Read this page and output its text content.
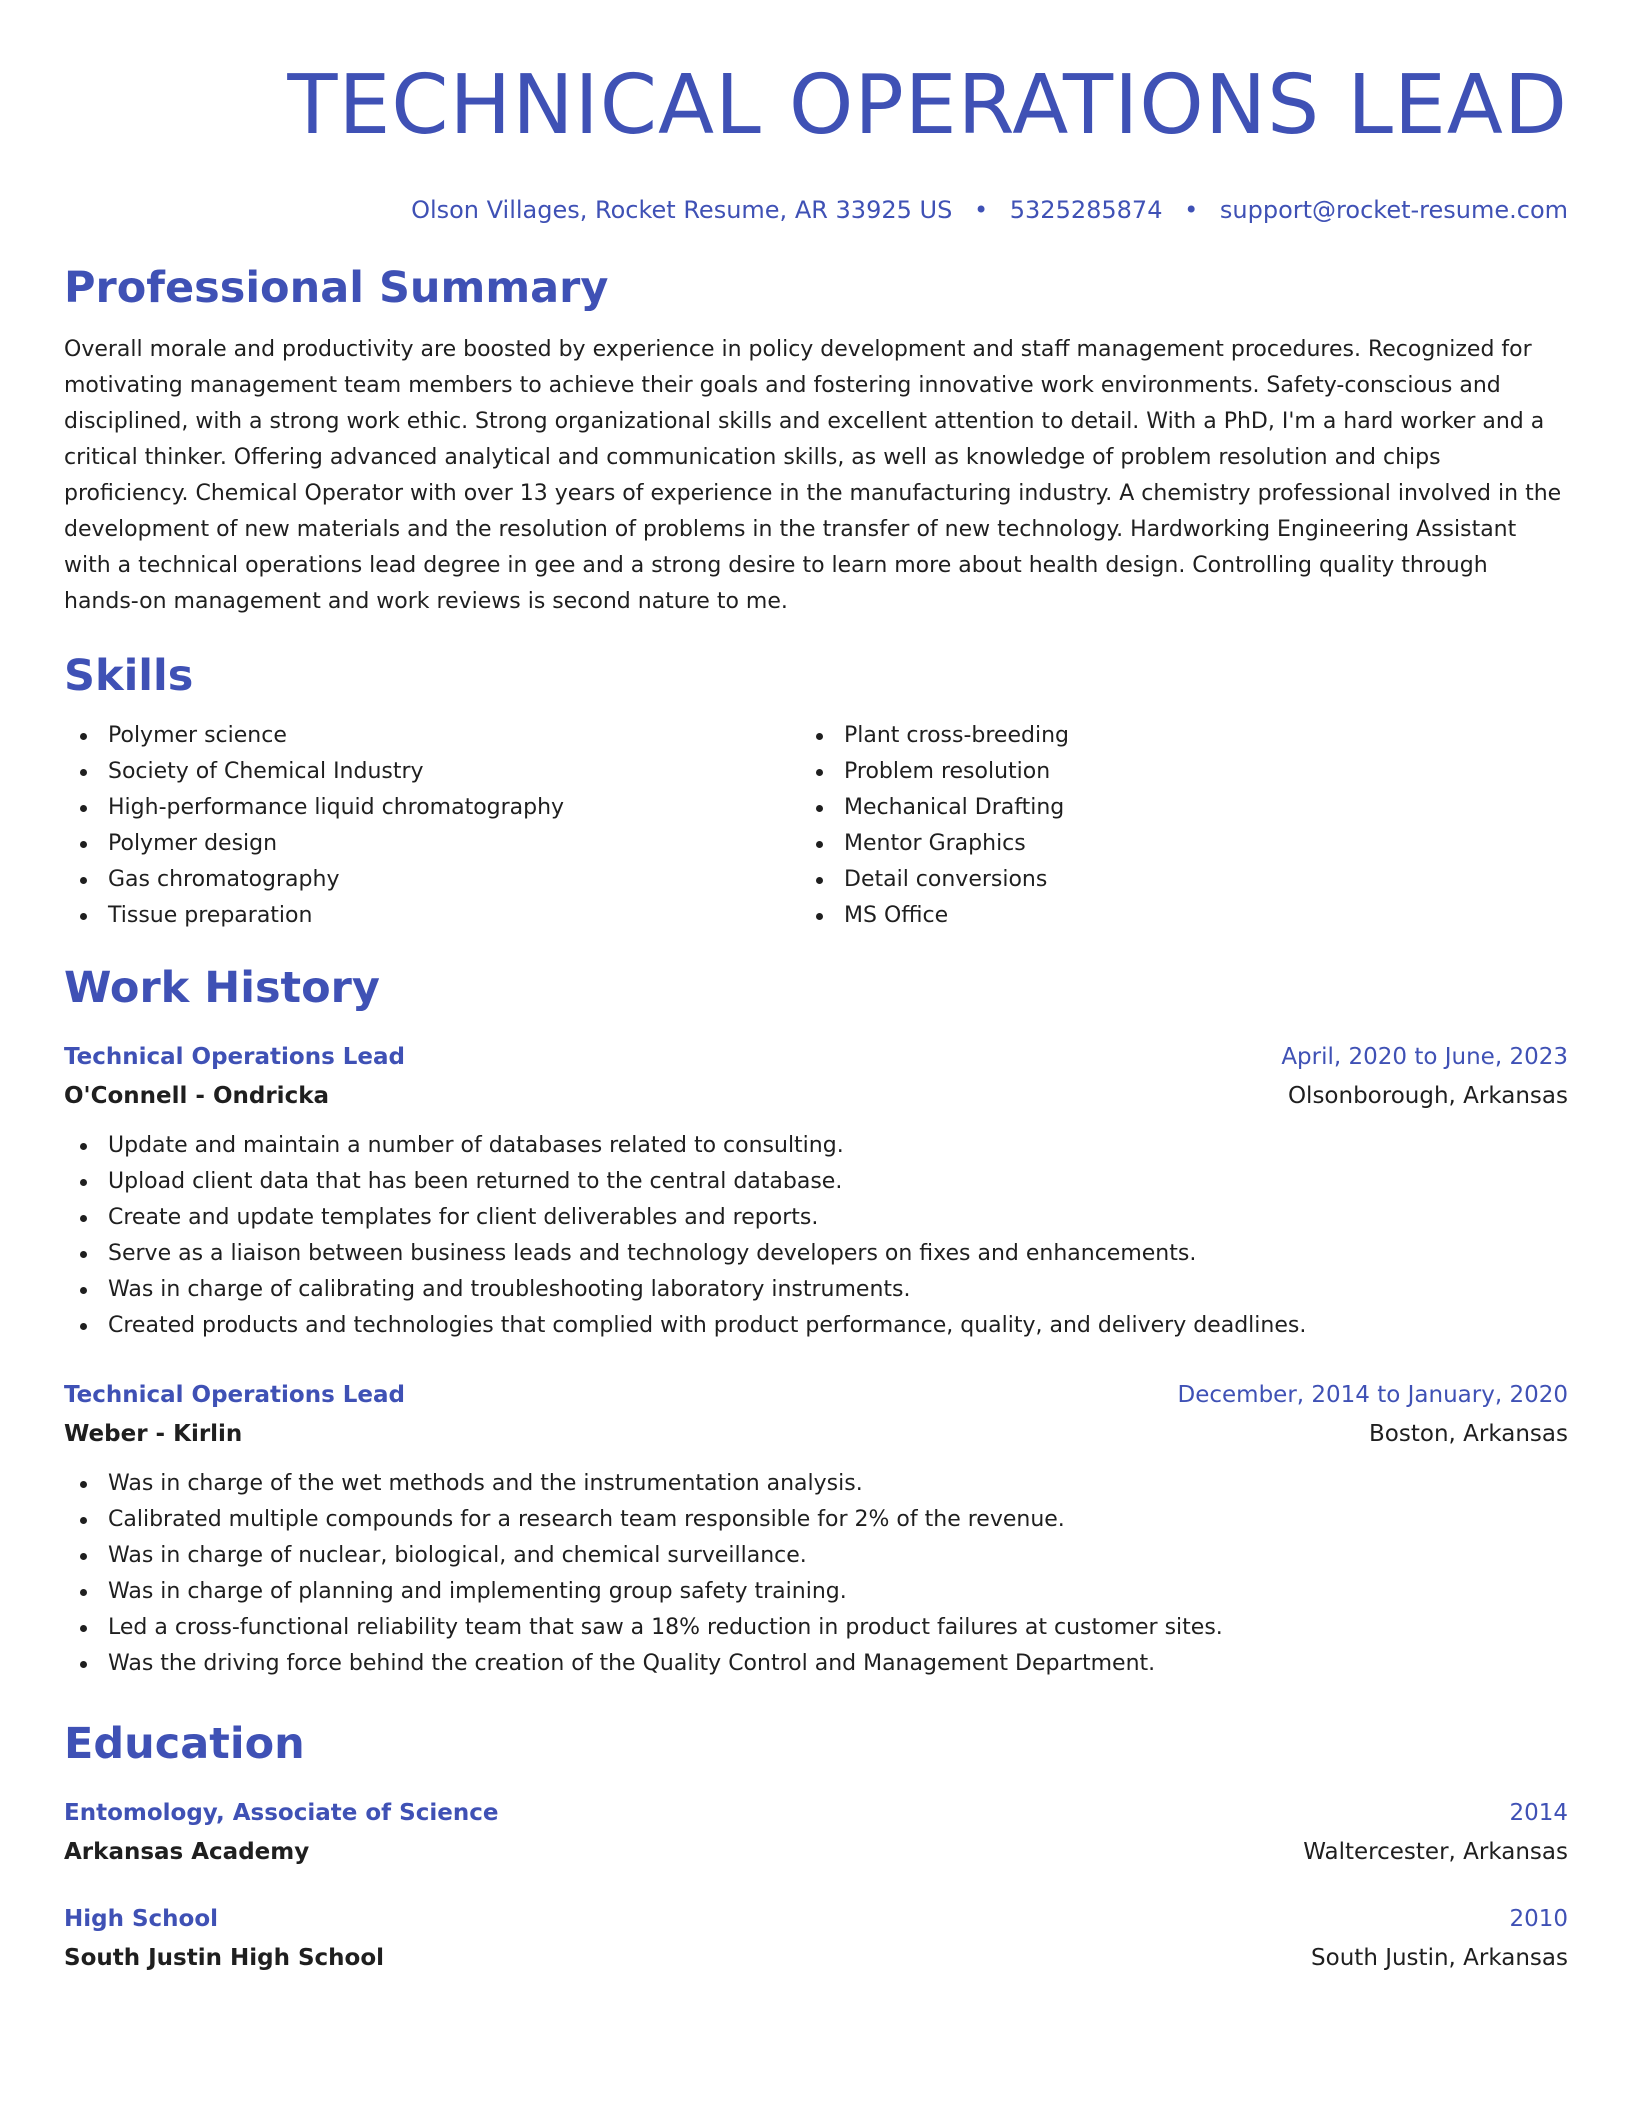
TECHNICAL OPERATIONS LEAD
Olson Villages, Rocket Resume, AR 33925 US • 5325285874 • support@rocket-resume.com
Professional Summary
Overall morale and productivity are boosted by experience in policy development and staff management procedures. Recognized for motivating management team members to achieve their goals and fostering innovative work environments. Safety-conscious and disciplined, with a strong work ethic. Strong organizational skills and excellent attention to detail. With a PhD, I'm a hard worker and a critical thinker. Offering advanced analytical and communication skills, as well as knowledge of problem resolution and chips proficiency. Chemical Operator with over 13 years of experience in the manufacturing industry. A chemistry professional involved in the development of new materials and the resolution of problems in the transfer of new technology. Hardworking Engineering Assistant with a technical operations lead degree in gee and a strong desire to learn more about health design. Controlling quality through hands-on management and work reviews is second nature to me.
Skills
Polymer science
Society of Chemical Industry
High-performance liquid chromatography
Polymer design
Gas chromatography
Tissue preparation
Plant cross-breeding
Problem resolution
Mechanical Drafting
Mentor Graphics
Detail conversions
MS Office
Work History
Technical Operations Lead	April, 2020 to June, 2023
O'Connell - Ondricka	Olsonborough, Arkansas
Update and maintain a number of databases related to consulting.
Upload client data that has been returned to the central database.
Create and update templates for client deliverables and reports.
Serve as a liaison between business leads and technology developers on fixes and enhancements.
Was in charge of calibrating and troubleshooting laboratory instruments.
Created products and technologies that complied with product performance, quality, and delivery deadlines.
Technical Operations Lead	December, 2014 to January, 2020
Weber - Kirlin	Boston, Arkansas
Was in charge of the wet methods and the instrumentation analysis.
Calibrated multiple compounds for a research team responsible for 2% of the revenue.
Was in charge of nuclear, biological, and chemical surveillance.
Was in charge of planning and implementing group safety training.
Led a cross-functional reliability team that saw a 18% reduction in product failures at customer sites.
Was the driving force behind the creation of the Quality Control and Management Department.
Education
Entomology, Associate of Science	2014
Arkansas Academy	Waltercester, Arkansas
High School	2010
South Justin High School	South Justin, Arkansas
